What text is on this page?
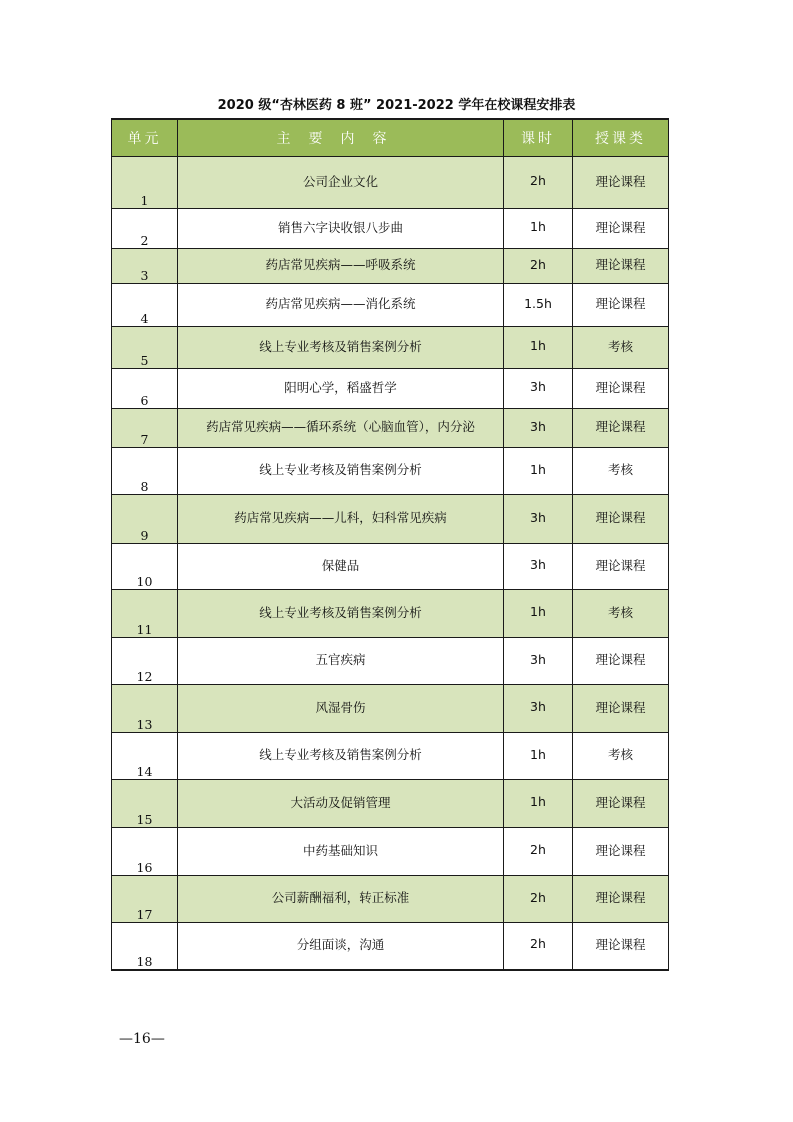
2020 级“杏林医药 8 班” 2021-2022 学年在校课程安排表
单元	主要内容	课时	授课类
1	公司企业文化	2h	理论课程
2	销售六字诀收银八步曲	1h	理论课程
3	药店常见疾病——呼吸系统	2h	理论课程
4	药店常见疾病——消化系统	1.5h	理论课程
5	线上专业考核及销售案例分析	1h	考核
6	阳明心学，稻盛哲学	3h	理论课程
7	药店常见疾病——循环系统（心脑血管），内分泌	3h	理论课程
8	线上专业考核及销售案例分析	1h	考核
9	药店常见疾病——儿科，妇科常见疾病	3h	理论课程
10	保健品	3h	理论课程
11	线上专业考核及销售案例分析	1h	考核
12	五官疾病	3h	理论课程
13	风湿骨伤	3h	理论课程
14	线上专业考核及销售案例分析	1h	考核
15	大活动及促销管理	1h	理论课程
16	中药基础知识	2h	理论课程
17	公司薪酬福利，转正标准	2h	理论课程
18	分组面谈，沟通	2h	理论课程
—16—
